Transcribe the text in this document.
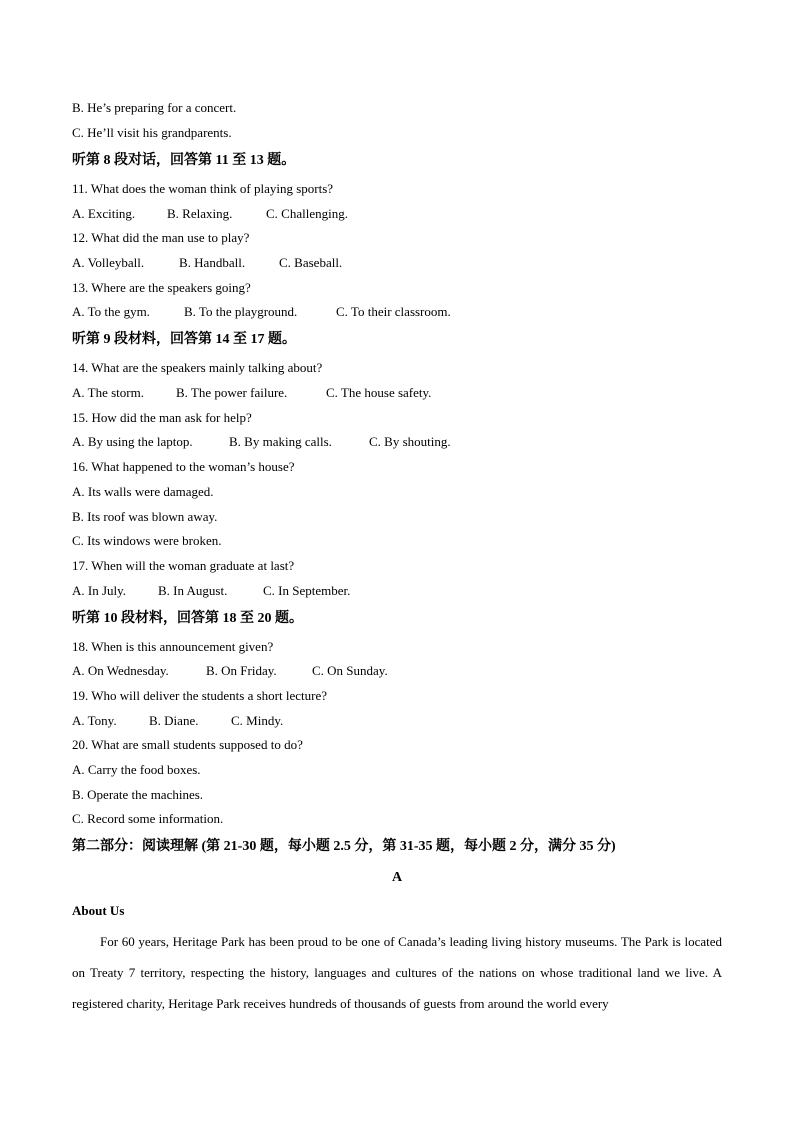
B. He’s preparing for a concert.
C. He’ll visit his grandparents.
听第 8 段对话，回答第 11 至 13 题。
11. What does the woman think of playing sports?
A. Exciting.	B. Relaxing.	C. Challenging.
12. What did the man use to play?
A. Volleyball.	B. Handball.	C. Baseball.
13. Where are the speakers going?
A. To the gym.	B. To the playground.	C. To their classroom.
听第 9 段材料，回答第 14 至 17 题。
14. What are the speakers mainly talking about?
A. The storm.	B. The power failure.	C. The house safety.
15. How did the man ask for help?
A. By using the laptop.	B. By making calls.	C. By shouting.
16. What happened to the woman’s house?
A. Its walls were damaged.
B. Its roof was blown away.
C. Its windows were broken.
17. When will the woman graduate at last?
A. In July.	B. In August.	C. In September.
听第 10 段材料，回答第 18 至 20 题。
18. When is this announcement given?
A. On Wednesday.	B. On Friday.	C. On Sunday.
19. Who will deliver the students a short lecture?
A. Tony.	B. Diane.	C. Mindy.
20. What are small students supposed to do?
A. Carry the food boxes.
B. Operate the machines.
C. Record some information.
第二部分：阅读理解 (第 21-30 题，每小题 2.5 分，第 31-35 题，每小题 2 分，满分 35 分)
A
About Us
For 60 years, Heritage Park has been proud to be one of Canada’s leading living history museums. The Park is located on Treaty 7 territory, respecting the history, languages and cultures of the nations on whose traditional land we live. A registered charity, Heritage Park receives hundreds of thousands of guests from around the world every
